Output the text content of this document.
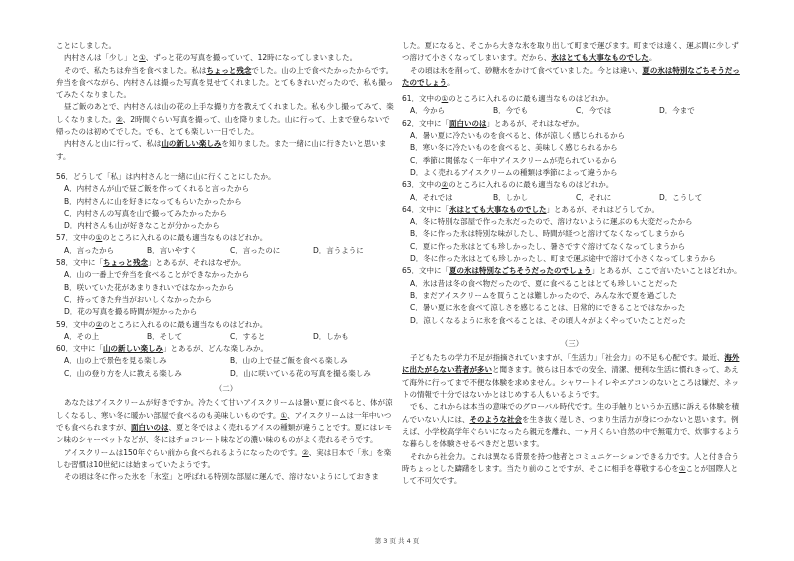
ことにしました。

内村さんは「少し」と①、ずっと花の写真を撮っていて、12時になってしまいました。

そので、私たちは弁当を食べました。私はちょっと残念でした。山の上で食べたかったからです。弁当を食べながら、内村さんは撮った写真を見せてくれました。とてもきれいだったので、私も撮ってみたくなりました。

昼ご飯のあとで、内村さんは山の花の上手な撮り方を教えてくれました。私も少し撮ってみて、楽しくなりました。②、2時間ぐらい写真を撮って、山を降りました。山に行って、上まで登らないで帰ったのは初めてでした。でも、とても楽しい一日でした。

内村さんと山に行って、私は山の新しい楽しみを知りました。また一緒に山に行きたいと思います。

56．どうして「私」は内村さんと一緒に山に行くことにしたか。

A．内村さんが山で昼ご飯を作ってくれると言ったから

B．内村さんに山を好きになってもらいたかったから

C．内村さんの写真を山で撮ってみたかったから

D．内村さんも山が好きなことが分かったから

57．文中の①のところに入れるのに最も適当なものはどれか。

A．言ったから	B．言いやすく	C．言ったのに	D．言うように

58．文中に「ちょっと残念」とあるが、それはなぜか。

A．山の一番上で弁当を食べることができなかったから

B．咲いていた花があまりきれいではなかったから

C．持ってきた弁当がおいしくなかったから

D．花の写真を撮る時間が短かったから

59．文中の②のところに入れるのに最も適当なものはどれか。

A．その上	B．そして	C．すると	D．しかも

60．文中に「山の新しい楽しみ」とあるが、どんな楽しみか。

A．山の上で景色を見る楽しみ	B．山の上で昼ご飯を食べる楽しみ
C．山の登り方を人に教える楽しみ	D．山に咲いている花の写真を撮る楽しみ

（二）

あなたはアイスクリームが好きですか。冷たくて甘いアイスクリームは暑い夏に食べると、体が涼しくなるし、寒い冬に暖かい部屋で食べるのも美味しいものです。①、アイスクリームは一年中いつでも食べられますが、面白いのは、夏と冬ではよく売れるアイスの種類が違うことです。夏にはレモン味のシャーベットなどが、冬にはチョコレート味などの濃い味のものがよく売れるそうです。

アイスクリームは150年ぐらい前から食べられるようになったのです。②、実は日本で「氷」を楽しむ習慣は10世紀には始まっていたようです。

その頃は冬に作った氷を「氷室」と呼ばれる特別な部屋に運んで、溶けないようにしておきま

した。夏になると、そこから大きな氷を取り出して町まで運びます。町までは遠く、運ぶ間に少しずつ溶けて小さくなってしまいます。だから、氷はとても大事なものでした。

その頃は氷を削って、砂糖水をかけて食べていました。今とは違い、夏の氷は特別なごちそうだったのでしょう。

61．文中の①のところに入れるのに最も適当なものはどれか。

A．今から	B．今でも	C．今では	D．今まで

62．文中に「面白いのは」とあるが、それはなぜか。

A．暑い夏に冷たいものを食べると、体が涼しく感じられるから

B．寒い冬に冷たいものを食べると、美味しく感じられるから

C．季節に関係なく一年中アイスクリームが売られているから

D．よく売れるアイスクリームの種類は季節によって違うから

63．文中の②のところに入れるのに最も適当なものはどれか。

A．それでは	B．しかし	C．それに	D．こうして

64．文中に「氷はとても大事なものでした」とあるが、それはどうしてか。

A．冬に特別な部屋で作った氷だったので、溶けないように運ぶのも大変だったから

B．冬に作った氷は特別な味がしたし、時間が経つと溶けてなくなってしまうから

C．夏に作った氷はとても珍しかったし、暑さですぐ溶けてなくなってしまうから

D．冬に作った氷はとても珍しかったし、町まで運ぶ途中で溶けて小さくなってしまうから

65．文中に「夏の氷は特別なごちそうだったのでしょう」とあるが、ここで言いたいことはどれか。

A．氷は昔は冬の食べ物だったので、夏に食べることはとても珍しいことだった

B．まだアイスクリームを買うことは難しかったので、みんな氷で夏を過ごした

C．暑い夏に氷を食べて涼しさを感じることは、日常的にできることではなかった

D．涼しくなるように氷を食べることは、その頃人々がよくやっていたことだった

（三）

子どもたちの学力不足が指摘されていますが、「生活力」「社会力」の不足も心配です。最近、海外に出たがらない若者が多いと聞きます。彼らは日本での安全、清潔、便利な生活に慣れきって、あえて海外に行ってまで不便な体験を求めません。シャワートイレやエアコンのないところは嫌だ、ネットの情報で十分ではないかとはじめする人もいるようです。

でも、これからは本当の意味でのグローバル時代です。生の手触りというか五感に訴える体験を積んでいない人には、そのような社会を生き抜く逞しさ、つまり生活力が身につかないと思います。例えば、小学校高学年ぐらいになったら親元を離れ、一ヶ月くらい自然の中で無電力で、炊事するような暮らしを体験させるべきだと思います。

それから社会力。これは異なる背景を持つ他者とコミュニケーションできる力です。人と付き合う時ちょっとした躊躇をします。当たり前のことですが、そこに相手を尊敬する心を①ことが国際人として不可欠です。

第 3 页 共 4 页
